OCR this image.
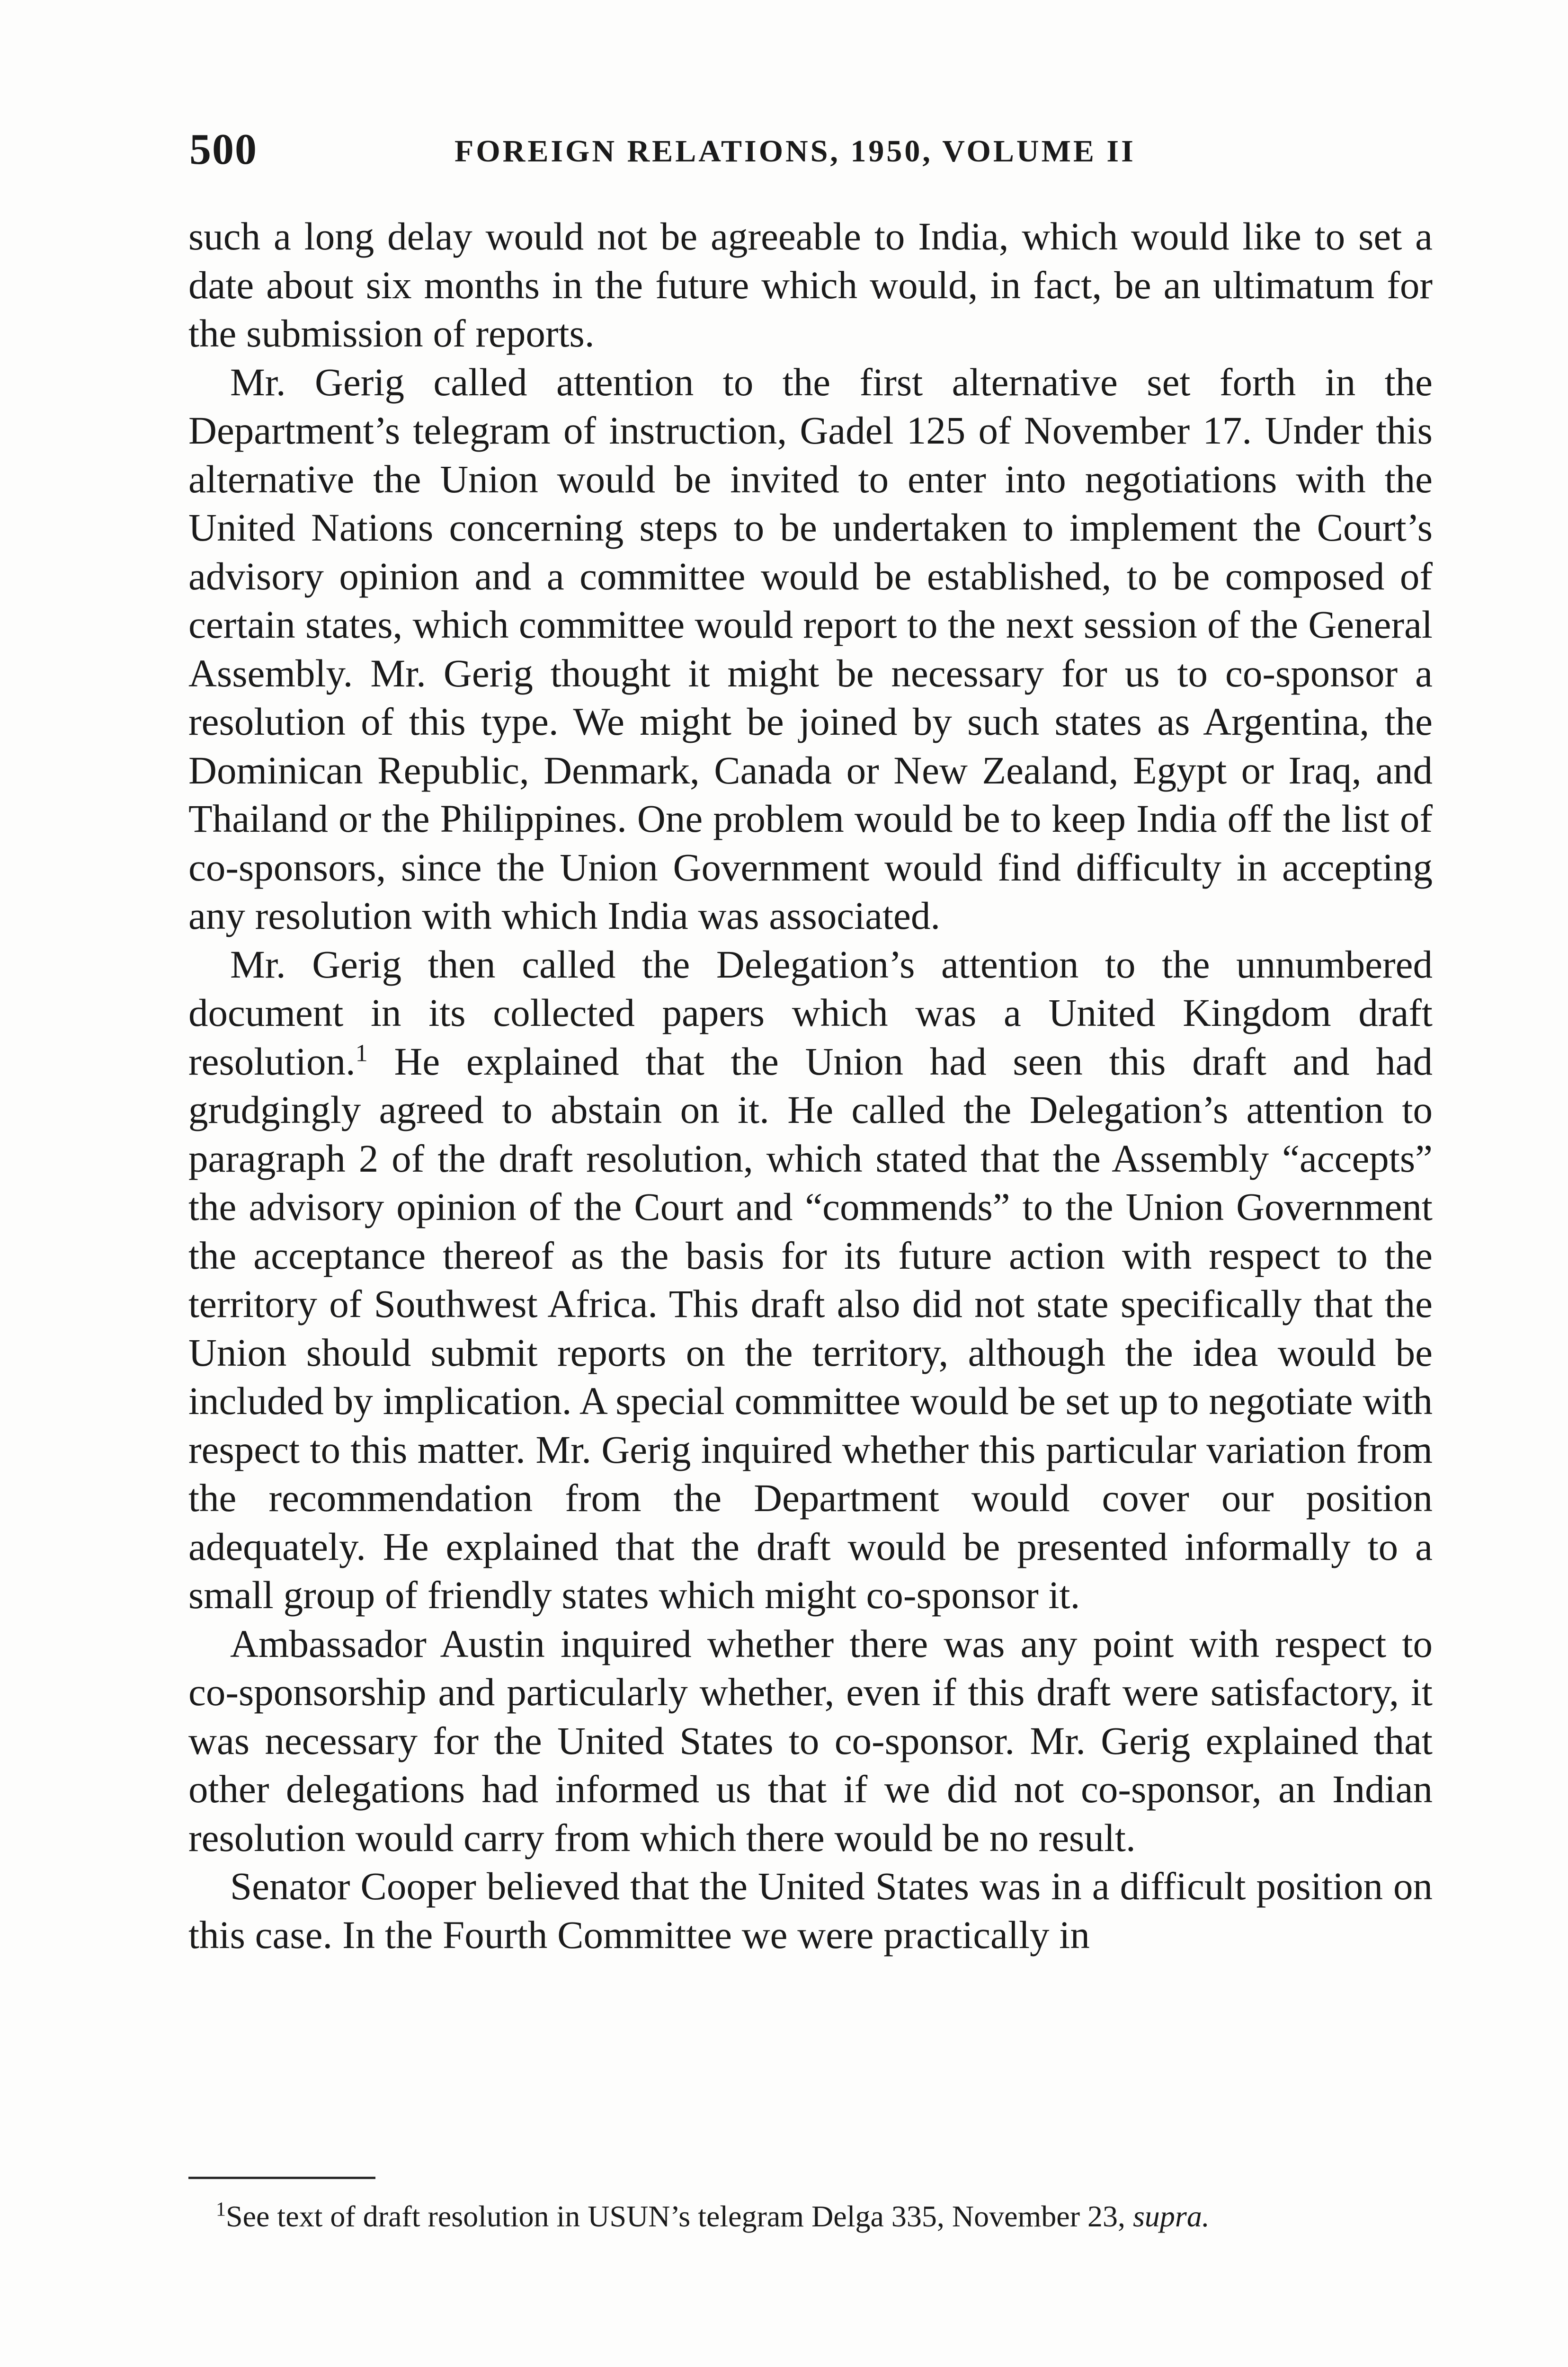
500	FOREIGN RELATIONS, 1950, VOLUME II

such a long delay would not be agreeable to India, which would like to set a date about six months in the future which would, in fact, be an ultimatum for the submission of reports.

Mr. Gerig called attention to the first alternative set forth in the Department’s telegram of instruction, Gadel 125 of November 17. Under this alternative the Union would be invited to enter into negotiations with the United Nations concerning steps to be undertaken to implement the Court’s advisory opinion and a committee would be established, to be composed of certain states, which committee would report to the next session of the General Assembly. Mr. Gerig thought it might be necessary for us to co-sponsor a resolution of this type. We might be joined by such states as Argentina, the Dominican Republic, Denmark, Canada or New Zealand, Egypt or Iraq, and Thailand or the Philippines. One problem would be to keep India off the list of co-sponsors, since the Union Government would find difficulty in accepting any resolution with which India was associated.

Mr. Gerig then called the Delegation’s attention to the unnumbered document in its collected papers which was a United Kingdom draft resolution.$^1$ He explained that the Union had seen this draft and had grudgingly agreed to abstain on it. He called the Delegation’s attention to paragraph 2 of the draft resolution, which stated that the Assembly “accepts” the advisory opinion of the Court and “commends” to the Union Government the acceptance thereof as the basis for its future action with respect to the territory of Southwest Africa. This draft also did not state specifically that the Union should submit reports on the territory, although the idea would be included by implication. A special committee would be set up to negotiate with respect to this matter. Mr. Gerig inquired whether this particular variation from the recommendation from the Department would cover our position adequately. He explained that the draft would be presented informally to a small group of friendly states which might co-sponsor it.

Ambassador Austin inquired whether there was any point with respect to co-sponsorship and particularly whether, even if this draft were satisfactory, it was necessary for the United States to co-sponsor. Mr. Gerig explained that other delegations had informed us that if we did not co-sponsor, an Indian resolution would carry from which there would be no result.

Senator Cooper believed that the United States was in a difficult position on this case. In the Fourth Committee we were practically in

$^1$See text of draft resolution in USUN’s telegram Delga 335, November 23, supra.
